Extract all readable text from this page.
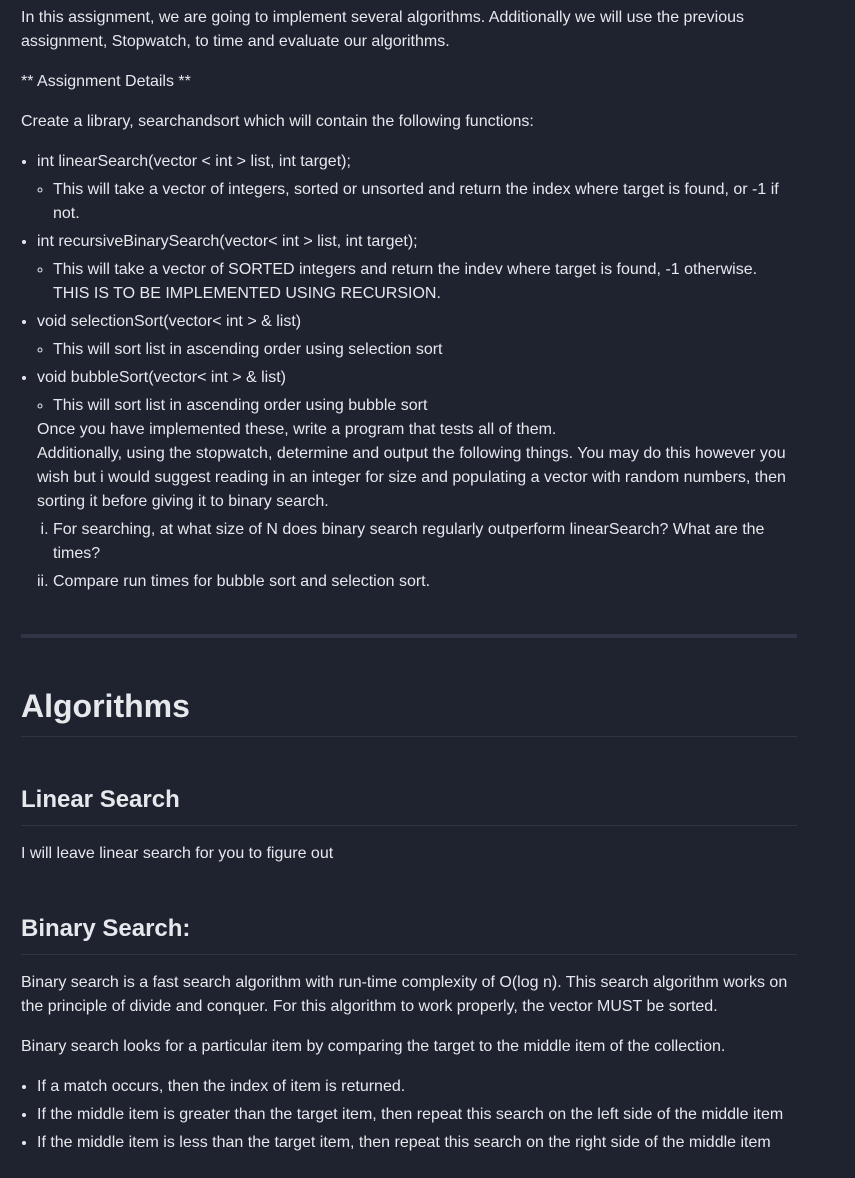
In this assignment, we are going to implement several algorithms. Additionally we will use the previous assignment, Stopwatch, to time and evaluate our algorithms.

** Assignment Details **

Create a library, searchandsort which will contain the following functions:

• int linearSearch(vector < int > list, int target);
◦ This will take a vector of integers, sorted or unsorted and return the index where target is found, or -1 if not.
• int recursiveBinarySearch(vector< int > list, int target);
◦ This will take a vector of SORTED integers and return the indev where target is found, -1 otherwise. THIS IS TO BE IMPLEMENTED USING RECURSION.
• void selectionSort(vector< int > & list)
◦ This will sort list in ascending order using selection sort
• void bubbleSort(vector< int > & list)
◦ This will sort list in ascending order using bubble sort
Once you have implemented these, write a program that tests all of them.
Additionally, using the stopwatch, determine and output the following things. You may do this however you wish but i would suggest reading in an integer for size and populating a vector with random numbers, then sorting it before giving it to binary search.
i. For searching, at what size of N does binary search regularly outperform linearSearch? What are the times?
ii. Compare run times for bubble sort and selection sort.
Algorithms
Linear Search

I will leave linear search for you to figure out

Binary Search:

Binary search is a fast search algorithm with run-time complexity of O(log n). This search algorithm works on the principle of divide and conquer. For this algorithm to work properly, the vector MUST be sorted.

Binary search looks for a particular item by comparing the target to the middle item of the collection.

• If a match occurs, then the index of item is returned.
• If the middle item is greater than the target item, then repeat this search on the left side of the middle item
• If the middle item is less than the target item, then repeat this search on the right side of the middle item
